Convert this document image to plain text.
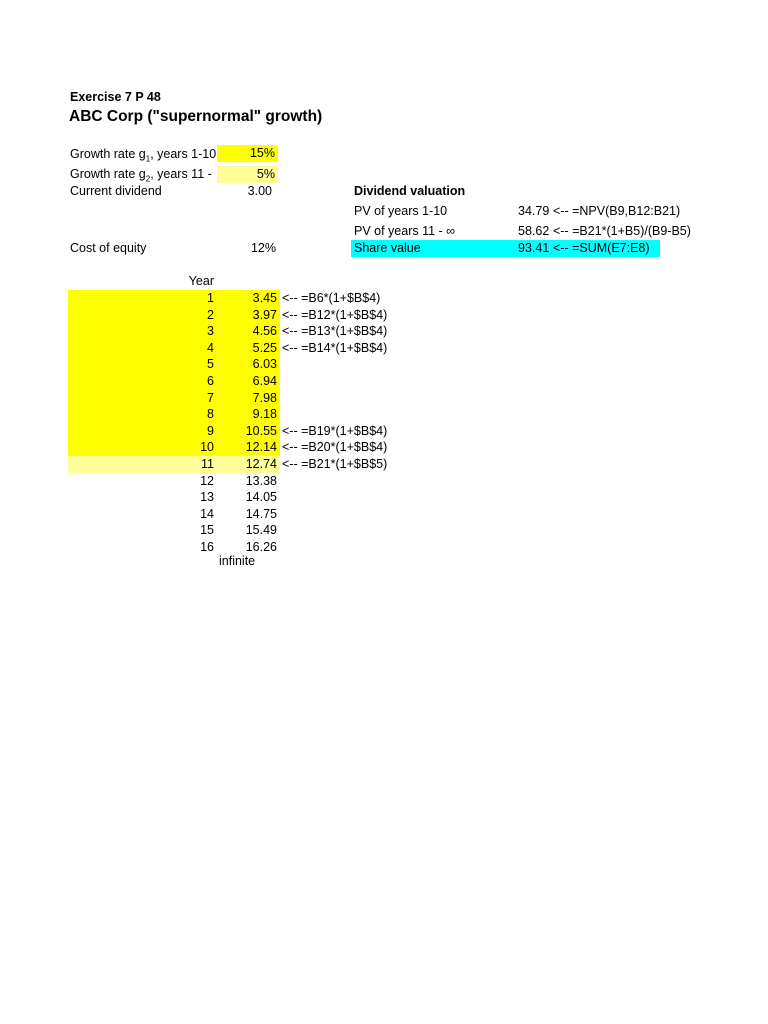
Exercise 7 P 48
ABC Corp ("supernormal" growth)
Growth rate $g_1$, years 1-10	15%
Growth rate $g_2$, years 11 -	5%
Current dividend	3.00
Cost of equity	12%
Dividend valuation
PV of years 1-10	34.79 <-- =NPV(B9,B12:B21)
PV of years 11 - ∞	58.62 <-- =B21*(1+B5)/(B9-B5)
Share value	93.41 <-- =SUM(E7:E8)
Year
1	3.45 <-- =B6*(1+$B$4)
2	3.97 <-- =B12*(1+$B$4)
3	4.56 <-- =B13*(1+$B$4)
4	5.25 <-- =B14*(1+$B$4)
5	6.03
6	6.94
7	7.98
8	9.18
9	10.55 <-- =B19*(1+$B$4)
10	12.14 <-- =B20*(1+$B$4)
11	12.74 <-- =B21*(1+$B$5)
12	13.38
13	14.05
14	14.75
15	15.49
16	16.26
infinite
